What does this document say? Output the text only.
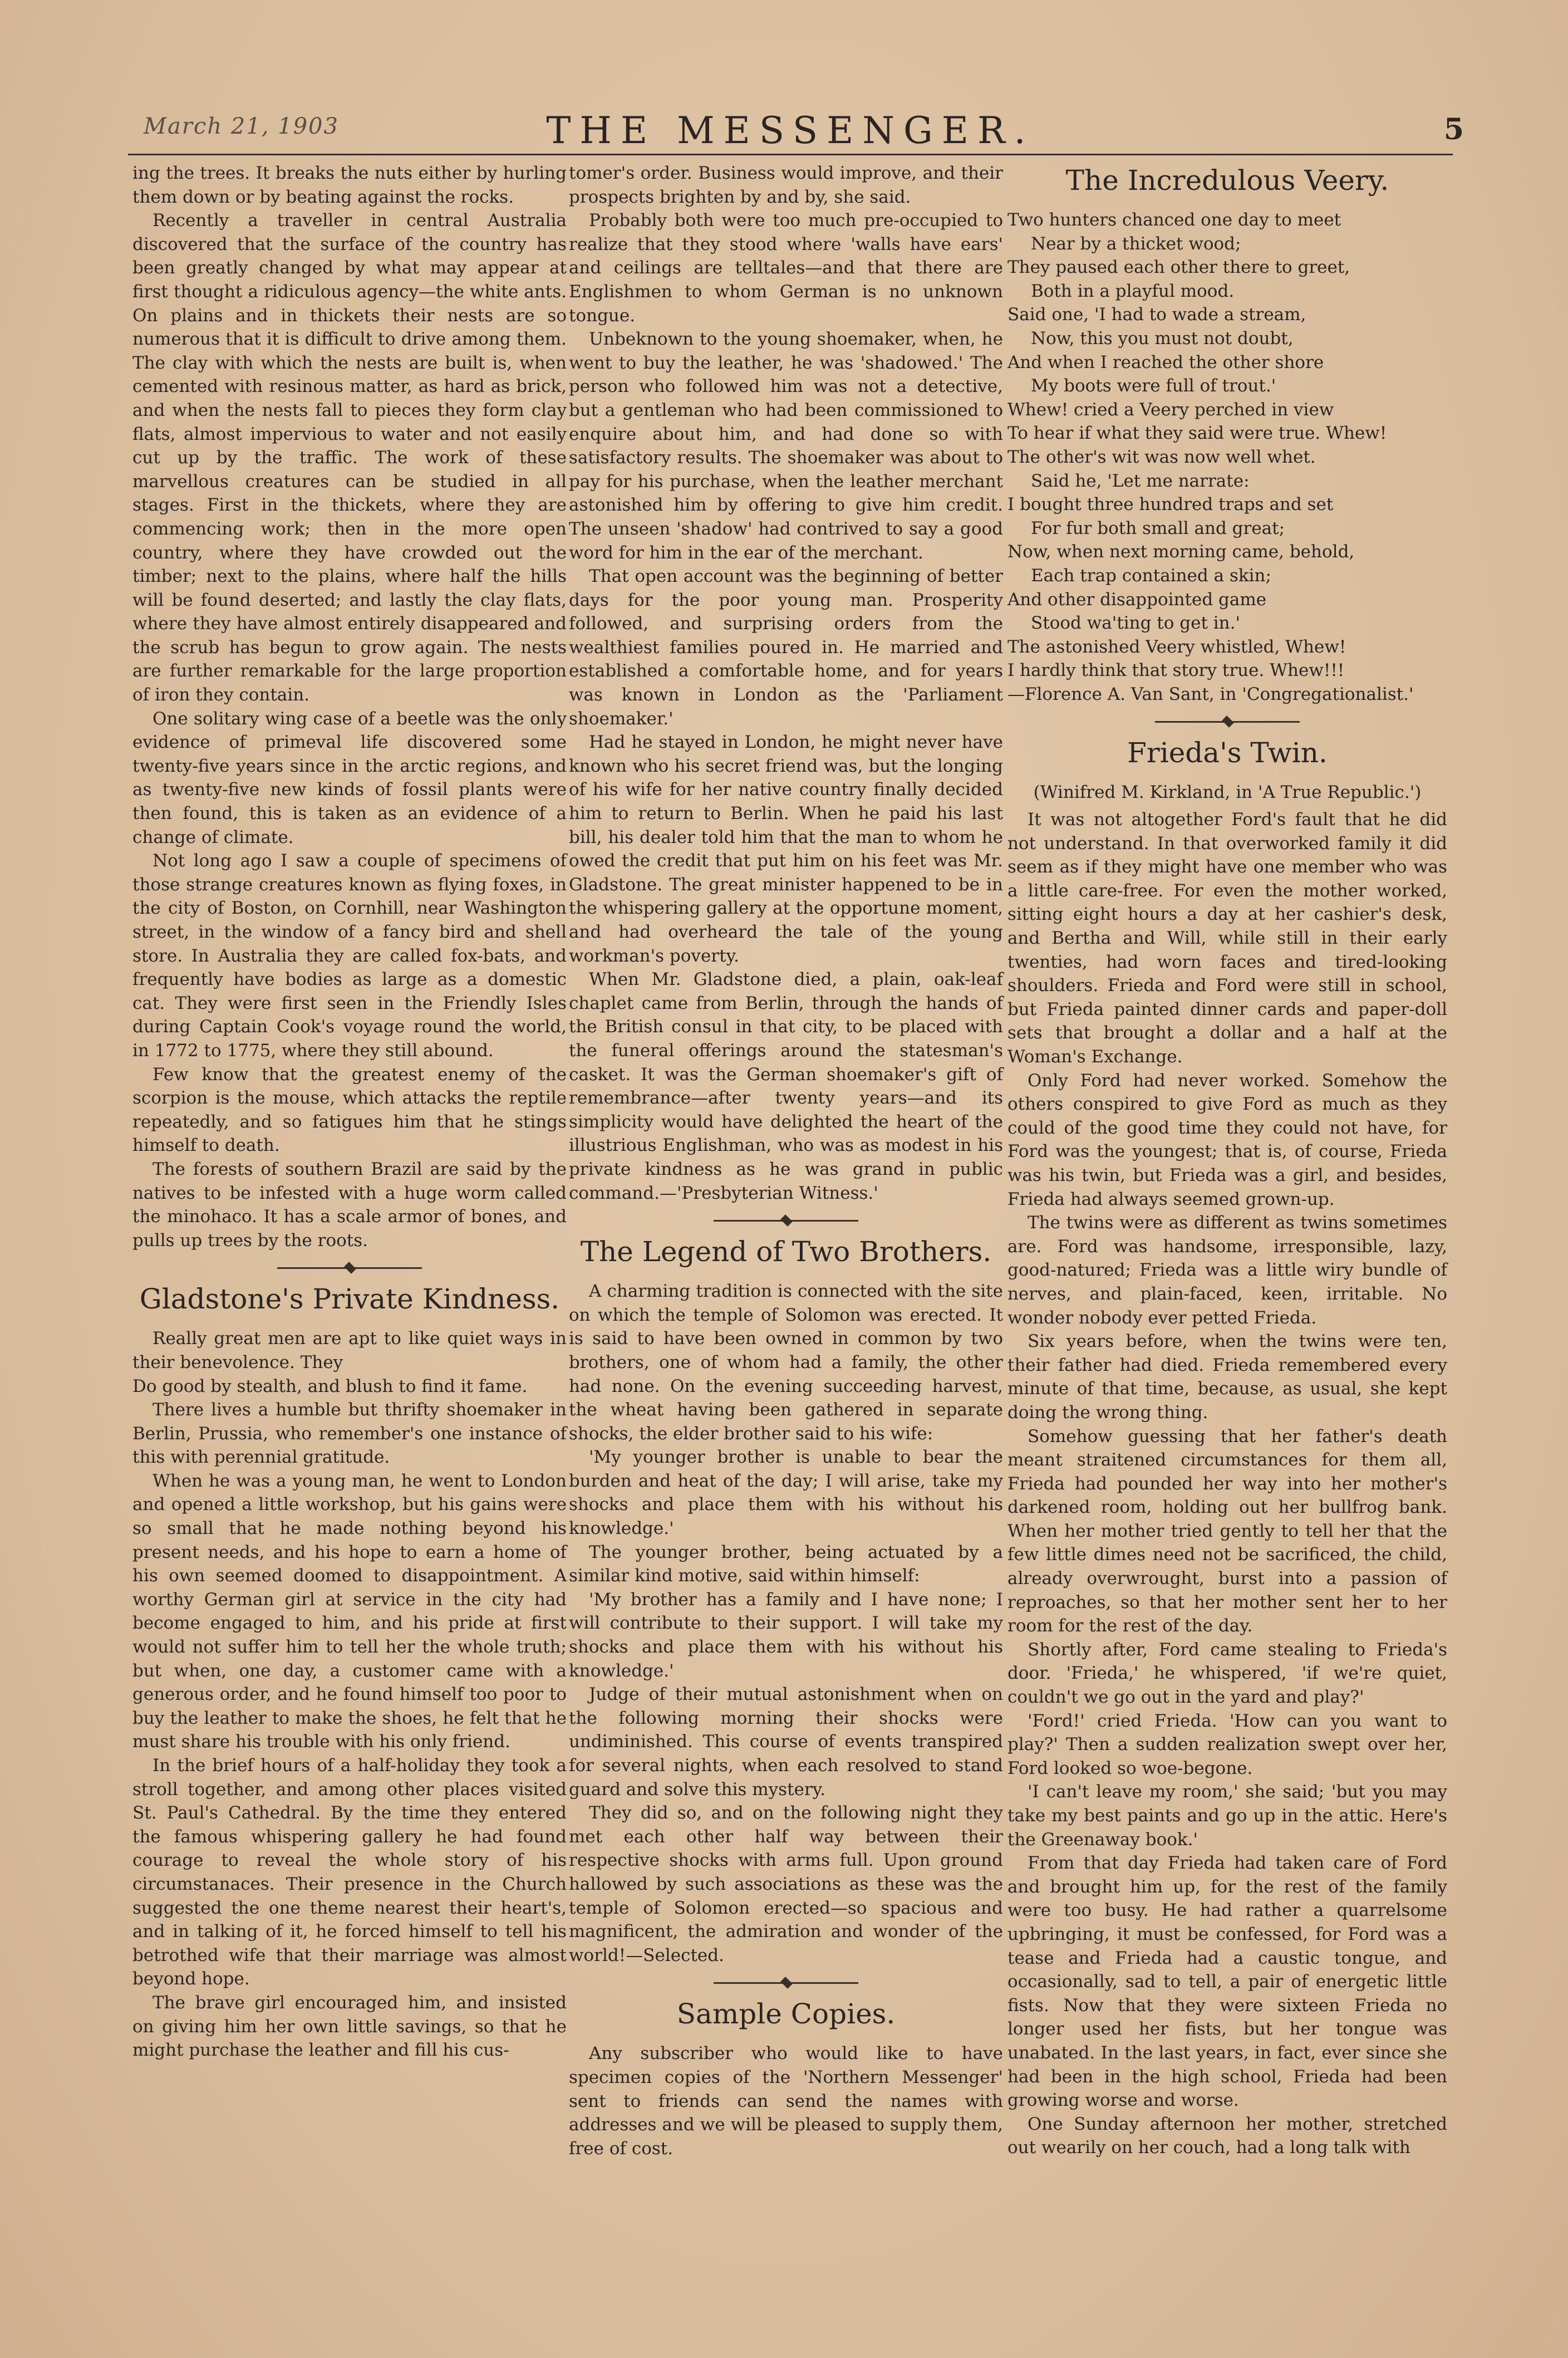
March 21, 1903	THE MESSENGER.	5

ing the trees. It breaks the nuts either by hurling them down or by beating against the rocks.

Recently a traveller in central Australia discovered that the surface of the country has been greatly changed by what may appear at first thought a ridiculous agency—the white ants. On plains and in thickets their nests are so numerous that it is difficult to drive among them. The clay with which the nests are built is, when cemented with resinous matter, as hard as brick, and when the nests fall to pieces they form clay flats, almost impervious to water and not easily cut up by the traffic. The work of these marvellous creatures can be studied in all stages. First in the thickets, where they are commencing work; then in the more open country, where they have crowded out the timber; next to the plains, where half the hills will be found deserted; and lastly the clay flats, where they have almost entirely disappeared and the scrub has begun to grow again. The nests are further remarkable for the large proportion of iron they contain.

One solitary wing case of a beetle was the only evidence of primeval life discovered some twenty-five years since in the arctic regions, and as twenty-five new kinds of fossil plants were then found, this is taken as an evidence of a change of climate.

Not long ago I saw a couple of specimens of those strange creatures known as flying foxes, in the city of Boston, on Cornhill, near Washington street, in the window of a fancy bird and shell store. In Australia they are called fox-bats, and frequently have bodies as large as a domestic cat. They were first seen in the Friendly Isles during Captain Cook's voyage round the world, in 1772 to 1775, where they still abound.

Few know that the greatest enemy of the scorpion is the mouse, which attacks the reptile repeatedly, and so fatigues him that he stings himself to death.

The forests of southern Brazil are said by the natives to be infested with a huge worm called the minohaco. It has a scale armor of bones, and pulls up trees by the roots.

Gladstone's Private Kindness.

Really great men are apt to like quiet ways in their benevolence. They

Do good by stealth, and blush to find it fame.

There lives a humble but thrifty shoemaker in Berlin, Prussia, who remember's one instance of this with perennial gratitude.

When he was a young man, he went to London and opened a little workshop, but his gains were so small that he made nothing beyond his present needs, and his hope to earn a home of his own seemed doomed to disappointment. A worthy German girl at service in the city had become engaged to him, and his pride at first would not suffer him to tell her the whole truth; but when, one day, a customer came with a generous order, and he found himself too poor to buy the leather to make the shoes, he felt that he must share his trouble with his only friend.

In the brief hours of a half-holiday they took a stroll together, and among other places visited St. Paul's Cathedral. By the time they entered the famous whispering gallery he had found courage to reveal the whole story of his circumstanaces. Their presence in the Church suggested the one theme nearest their heart's, and in talking of it, he forced himself to tell his betrothed wife that their marriage was almost beyond hope.

The brave girl encouraged him, and insisted on giving him her own little savings, so that he might purchase the leather and fill his cus-

tomer's order. Business would improve, and their prospects brighten by and by, she said.

Probably both were too much pre-occupied to realize that they stood where 'walls have ears' and ceilings are telltales—and that there are Englishmen to whom German is no unknown tongue.

Unbeknown to the young shoemaker, when, he went to buy the leather, he was 'shadowed.' The person who followed him was not a detective, but a gentleman who had been commissioned to enquire about him, and had done so with satisfactory results. The shoemaker was about to pay for his purchase, when the leather merchant astonished him by offering to give him credit. The unseen 'shadow' had contrived to say a good word for him in the ear of the merchant.

That open account was the beginning of better days for the poor young man. Prosperity followed, and surprising orders from the wealthiest families poured in. He married and established a comfortable home, and for years was known in London as the 'Parliament shoemaker.'

Had he stayed in London, he might never have known who his secret friend was, but the longing of his wife for her native country finally decided him to return to Berlin. When he paid his last bill, his dealer told him that the man to whom he owed the credit that put him on his feet was Mr. Gladstone. The great minister happened to be in the whispering gallery at the opportune moment, and had overheard the tale of the young workman's poverty.

When Mr. Gladstone died, a plain, oak-leaf chaplet came from Berlin, through the hands of the British consul in that city, to be placed with the funeral offerings around the statesman's casket. It was the German shoemaker's gift of remembrance—after twenty years—and its simplicity would have delighted the heart of the illustrious Englishman, who was as modest in his private kindness as he was grand in public command.—'Presbyterian Witness.'

The Legend of Two Brothers.

A charming tradition is connected with the site on which the temple of Solomon was erected. It is said to have been owned in common by two brothers, one of whom had a family, the other had none. On the evening succeeding harvest, the wheat having been gathered in separate shocks, the elder brother said to his wife:

'My younger brother is unable to bear the burden and heat of the day; I will arise, take my shocks and place them with his without his knowledge.'

The younger brother, being actuated by a similar kind motive, said within himself:

'My brother has a family and I have none; I will contribute to their support. I will take my shocks and place them with his without his knowledge.'

Judge of their mutual astonishment when on the following morning their shocks were undiminished. This course of events transpired for several nights, when each resolved to stand guard and solve this mystery.

They did so, and on the following night they met each other half way between their respective shocks with arms full. Upon ground hallowed by such associations as these was the temple of Solomon erected—so spacious and magnificent, the admiration and wonder of the world!—Selected.

Sample Copies.

Any subscriber who would like to have specimen copies of the 'Northern Messenger' sent to friends can send the names with addresses and we will be pleased to supply them, free of cost.

The Incredulous Veery.
Two hunters chanced one day to meet
Near by a thicket wood;
They paused each other there to greet,
Both in a playful mood.
Said one, 'I had to wade a stream,
Now, this you must not doubt,
And when I reached the other shore
My boots were full of trout.'
Whew! cried a Veery perched in view
To hear if what they said were true. Whew!
The other's wit was now well whet.
Said he, 'Let me narrate:
I bought three hundred traps and set
For fur both small and great;
Now, when next morning came, behold,
Each trap contained a skin;
And other disappointed game
Stood wa'ting to get in.'
The astonished Veery whistled, Whew!
I hardly think that story true. Whew!!!
—Florence A. Van Sant, in 'Congregationalist.'
Frieda's Twin.
(Winifred M. Kirkland, in 'A True Republic.')

It was not altogether Ford's fault that he did not understand. In that overworked family it did seem as if they might have one member who was a little care-free. For even the mother worked, sitting eight hours a day at her cashier's desk, and Bertha and Will, while still in their early twenties, had worn faces and tired-looking shoulders. Frieda and Ford were still in school, but Frieda painted dinner cards and paper-doll sets that brought a dollar and a half at the Woman's Exchange.

Only Ford had never worked. Somehow the others conspired to give Ford as much as they could of the good time they could not have, for Ford was the youngest; that is, of course, Frieda was his twin, but Frieda was a girl, and besides, Frieda had always seemed grown-up.

The twins were as different as twins sometimes are. Ford was handsome, irresponsible, lazy, good-natured; Frieda was a little wiry bundle of nerves, and plain-faced, keen, irritable. No wonder nobody ever petted Frieda.

Six years before, when the twins were ten, their father had died. Frieda remembered every minute of that time, because, as usual, she kept doing the wrong thing.

Somehow guessing that her father's death meant straitened circumstances for them all, Frieda had pounded her way into her mother's darkened room, holding out her bullfrog bank. When her mother tried gently to tell her that the few little dimes need not be sacrificed, the child, already overwrought, burst into a passion of reproaches, so that her mother sent her to her room for the rest of the day.

Shortly after, Ford came stealing to Frieda's door. 'Frieda,' he whispered, 'if we're quiet, couldn't we go out in the yard and play?'

'Ford!' cried Frieda. 'How can you want to play?' Then a sudden realization swept over her, Ford looked so woe-begone.

'I can't leave my room,' she said; 'but you may take my best paints and go up in the attic. Here's the Greenaway book.'

From that day Frieda had taken care of Ford and brought him up, for the rest of the family were too busy. He had rather a quarrelsome upbringing, it must be confessed, for Ford was a tease and Frieda had a caustic tongue, and occasionally, sad to tell, a pair of energetic little fists. Now that they were sixteen Frieda no longer used her fists, but her tongue was unabated. In the last years, in fact, ever since she had been in the high school, Frieda had been growing worse and worse.

One Sunday afternoon her mother, stretched out wearily on her couch, had a long talk with
